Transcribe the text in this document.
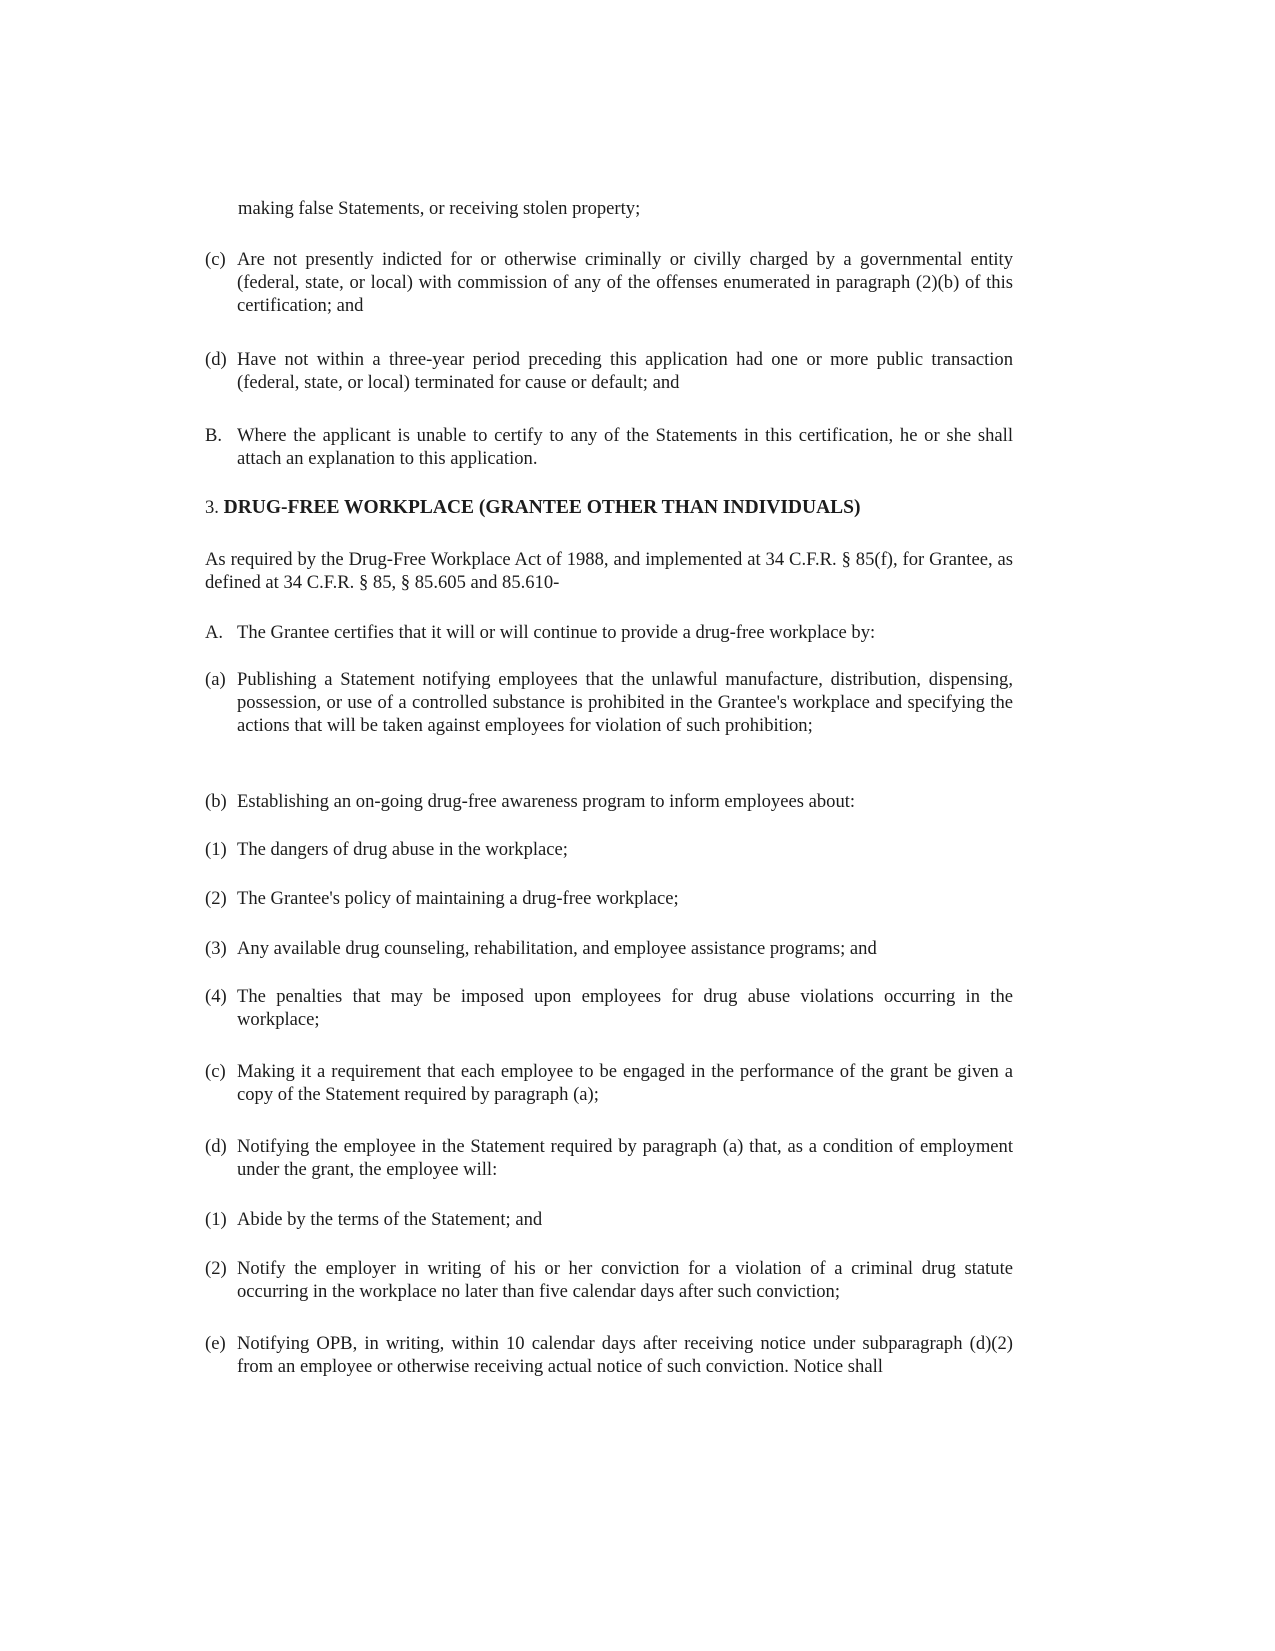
making false Statements, or receiving stolen property;
(c) Are not presently indicted for or otherwise criminally or civilly charged by a governmental entity (federal, state, or local) with commission of any of the offenses enumerated in paragraph (2)(b) of this certification; and
(d) Have not within a three-year period preceding this application had one or more public transaction (federal, state, or local) terminated for cause or default; and
B. Where the applicant is unable to certify to any of the Statements in this certification, he or she shall attach an explanation to this application.
3. DRUG-FREE WORKPLACE (GRANTEE OTHER THAN INDIVIDUALS)
As required by the Drug-Free Workplace Act of 1988, and implemented at 34 C.F.R. § 85(f), for Grantee, as defined at 34 C.F.R. § 85, § 85.605 and 85.610-
A. The Grantee certifies that it will or will continue to provide a drug-free workplace by:
(a) Publishing a Statement notifying employees that the unlawful manufacture, distribution, dispensing, possession, or use of a controlled substance is prohibited in the Grantee's workplace and specifying the actions that will be taken against employees for violation of such prohibition;
(b) Establishing an on-going drug-free awareness program to inform employees about:
(1) The dangers of drug abuse in the workplace;
(2) The Grantee's policy of maintaining a drug-free workplace;
(3) Any available drug counseling, rehabilitation, and employee assistance programs; and
(4) The penalties that may be imposed upon employees for drug abuse violations occurring in the workplace;
(c) Making it a requirement that each employee to be engaged in the performance of the grant be given a copy of the Statement required by paragraph (a);
(d) Notifying the employee in the Statement required by paragraph (a) that, as a condition of employment under the grant, the employee will:
(1) Abide by the terms of the Statement; and
(2) Notify the employer in writing of his or her conviction for a violation of a criminal drug statute occurring in the workplace no later than five calendar days after such conviction;
(e) Notifying OPB, in writing, within 10 calendar days after receiving notice under subparagraph (d)(2) from an employee or otherwise receiving actual notice of such conviction. Notice shall
